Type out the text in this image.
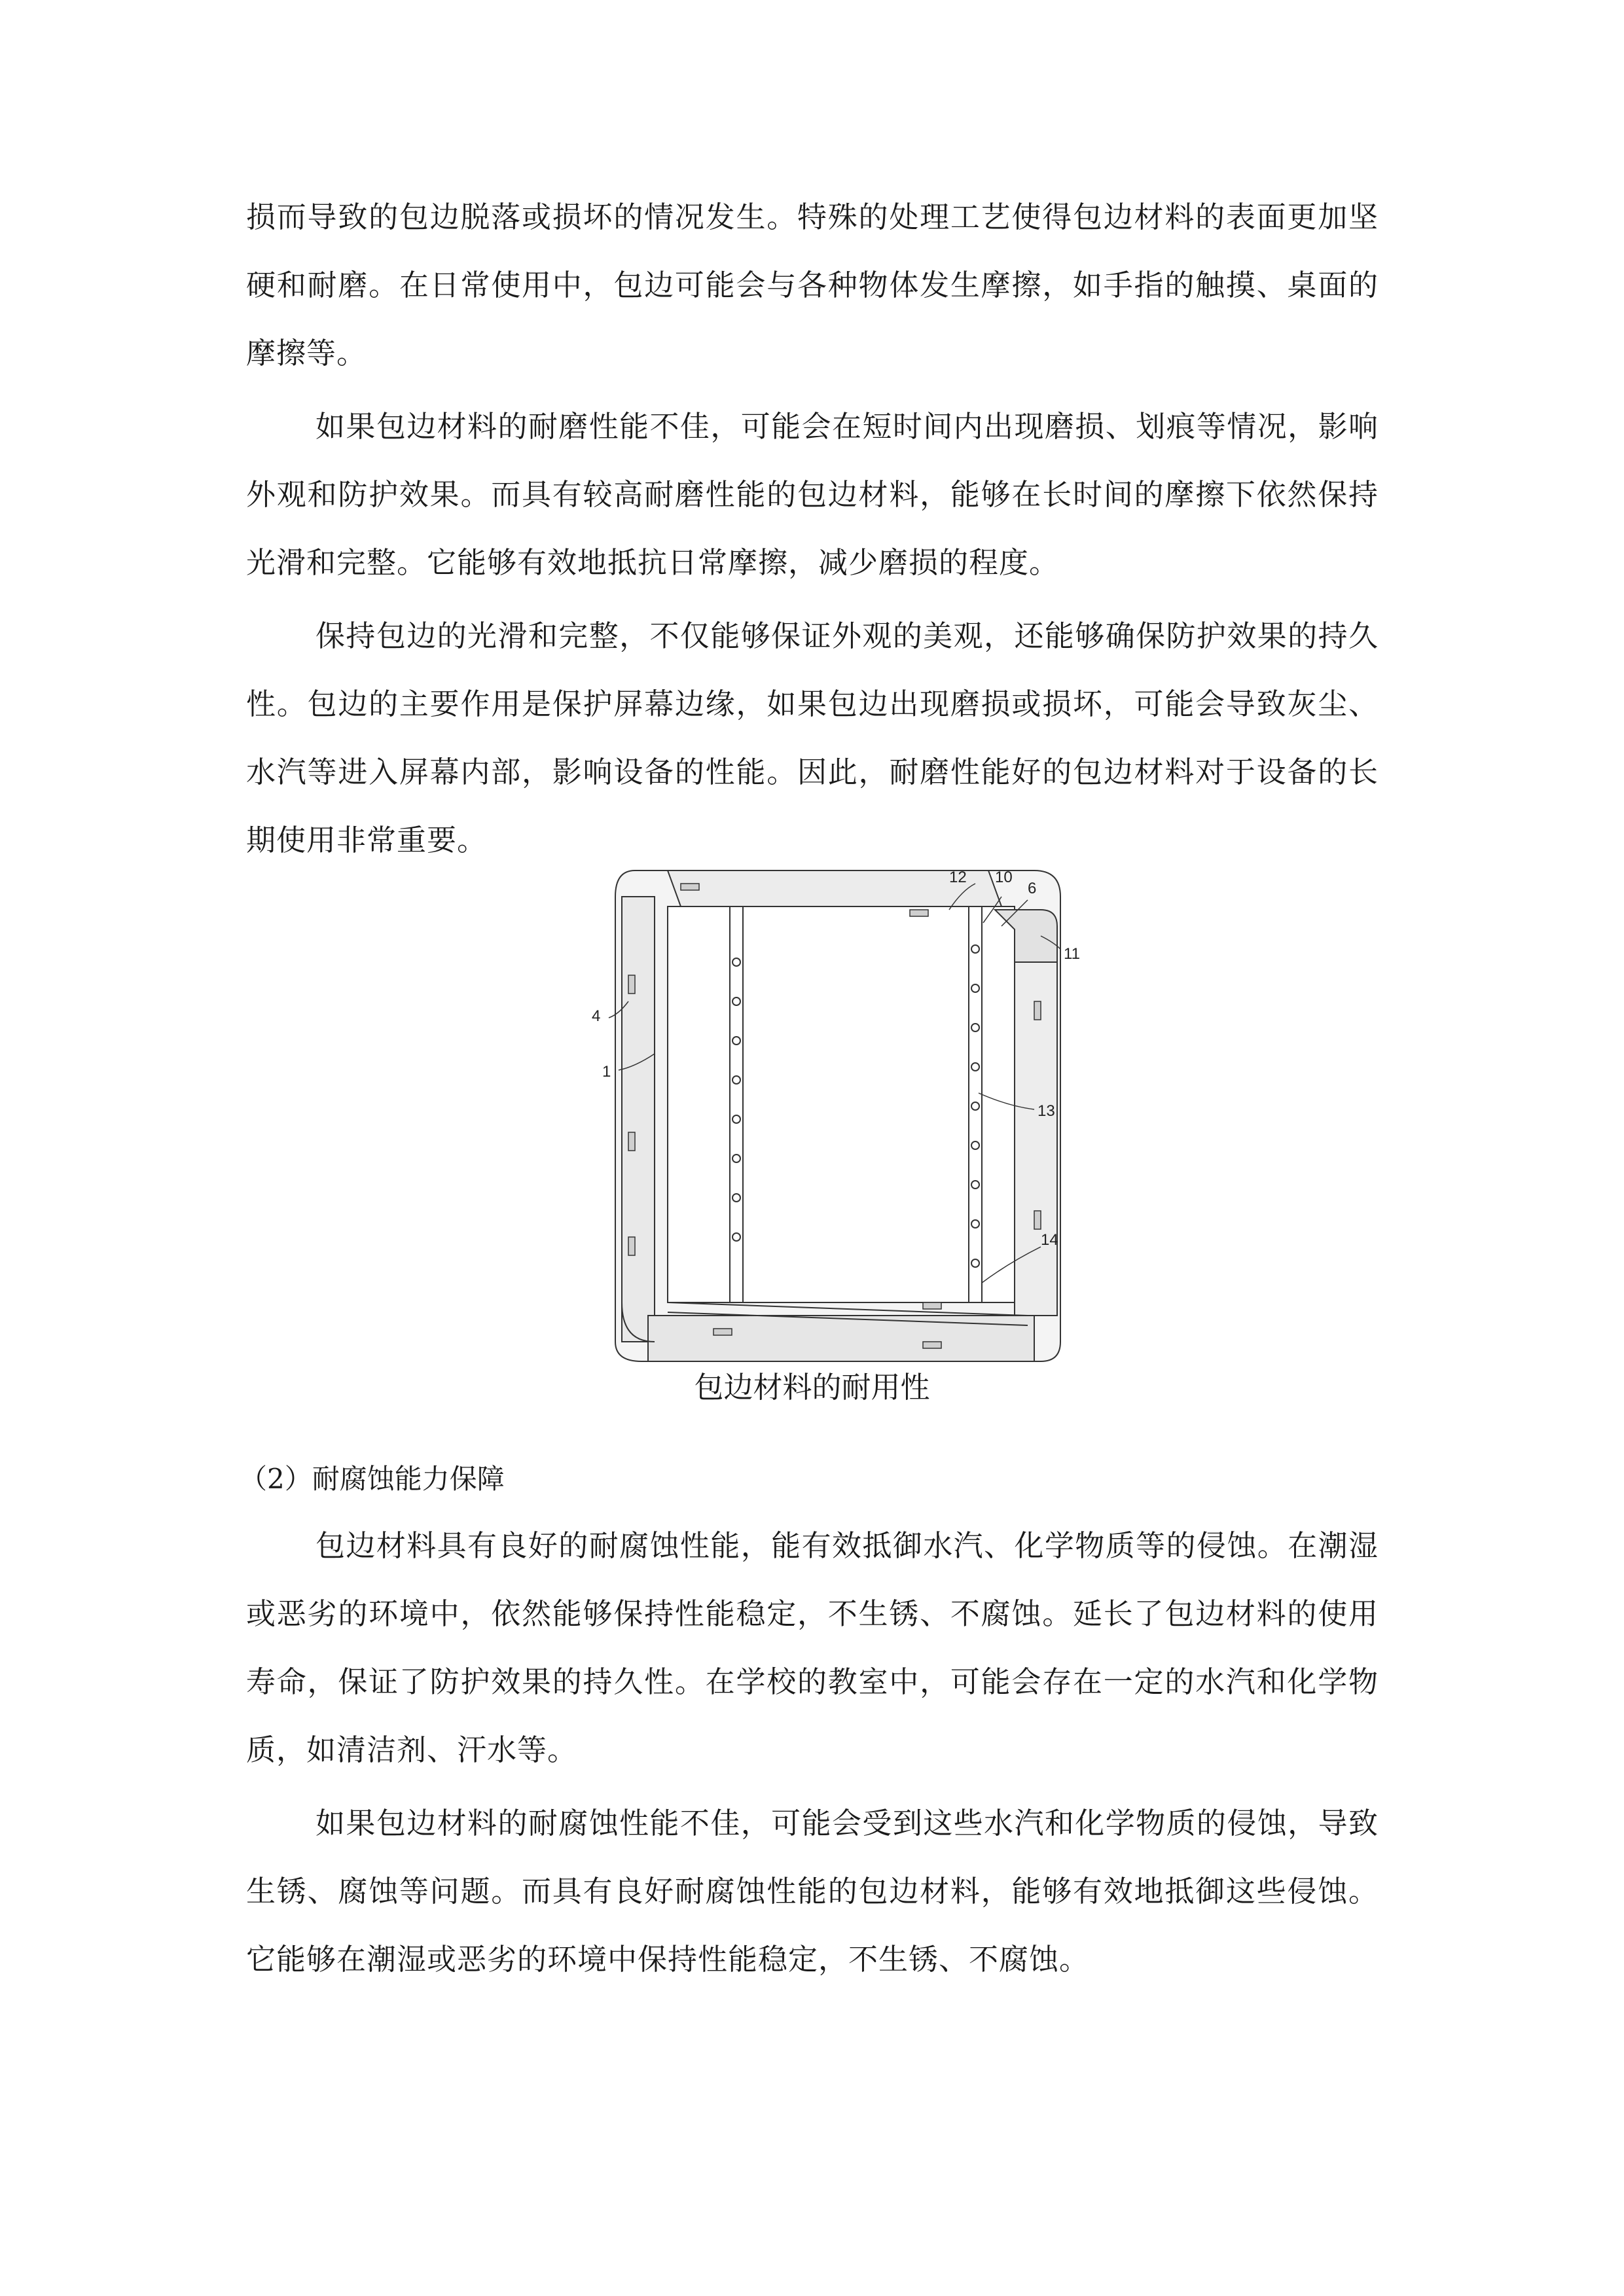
损而导致的包边脱落或损坏的情况发生。特殊的处理工艺使得包边材料的表面更加坚硬和耐磨。在日常使用中，包边可能会与各种物体发生摩擦，如手指的触摸、桌面的摩擦等。

如果包边材料的耐磨性能不佳，可能会在短时间内出现磨损、划痕等情况，影响外观和防护效果。而具有较高耐磨性能的包边材料，能够在长时间的摩擦下依然保持光滑和完整。它能够有效地抵抗日常摩擦，减少磨损的程度。

保持包边的光滑和完整，不仅能够保证外观的美观，还能够确保防护效果的持久性。包边的主要作用是保护屏幕边缘，如果包边出现磨损或损坏，可能会导致灰尘、水汽等进入屏幕内部，影响设备的性能。因此，耐磨性能好的包边材料对于设备的长期使用非常重要。

12 10
6
11
4
1
13
14
包边材料的耐用性
（2）耐腐蚀能力保障

包边材料具有良好的耐腐蚀性能，能有效抵御水汽、化学物质等的侵蚀。在潮湿或恶劣的环境中，依然能够保持性能稳定，不生锈、不腐蚀。延长了包边材料的使用寿命，保证了防护效果的持久性。在学校的教室中，可能会存在一定的水汽和化学物质，如清洁剂、汗水等。

如果包边材料的耐腐蚀性能不佳，可能会受到这些水汽和化学物质的侵蚀，导致生锈、腐蚀等问题。而具有良好耐腐蚀性能的包边材料，能够有效地抵御这些侵蚀。它能够在潮湿或恶劣的环境中保持性能稳定，不生锈、不腐蚀。
